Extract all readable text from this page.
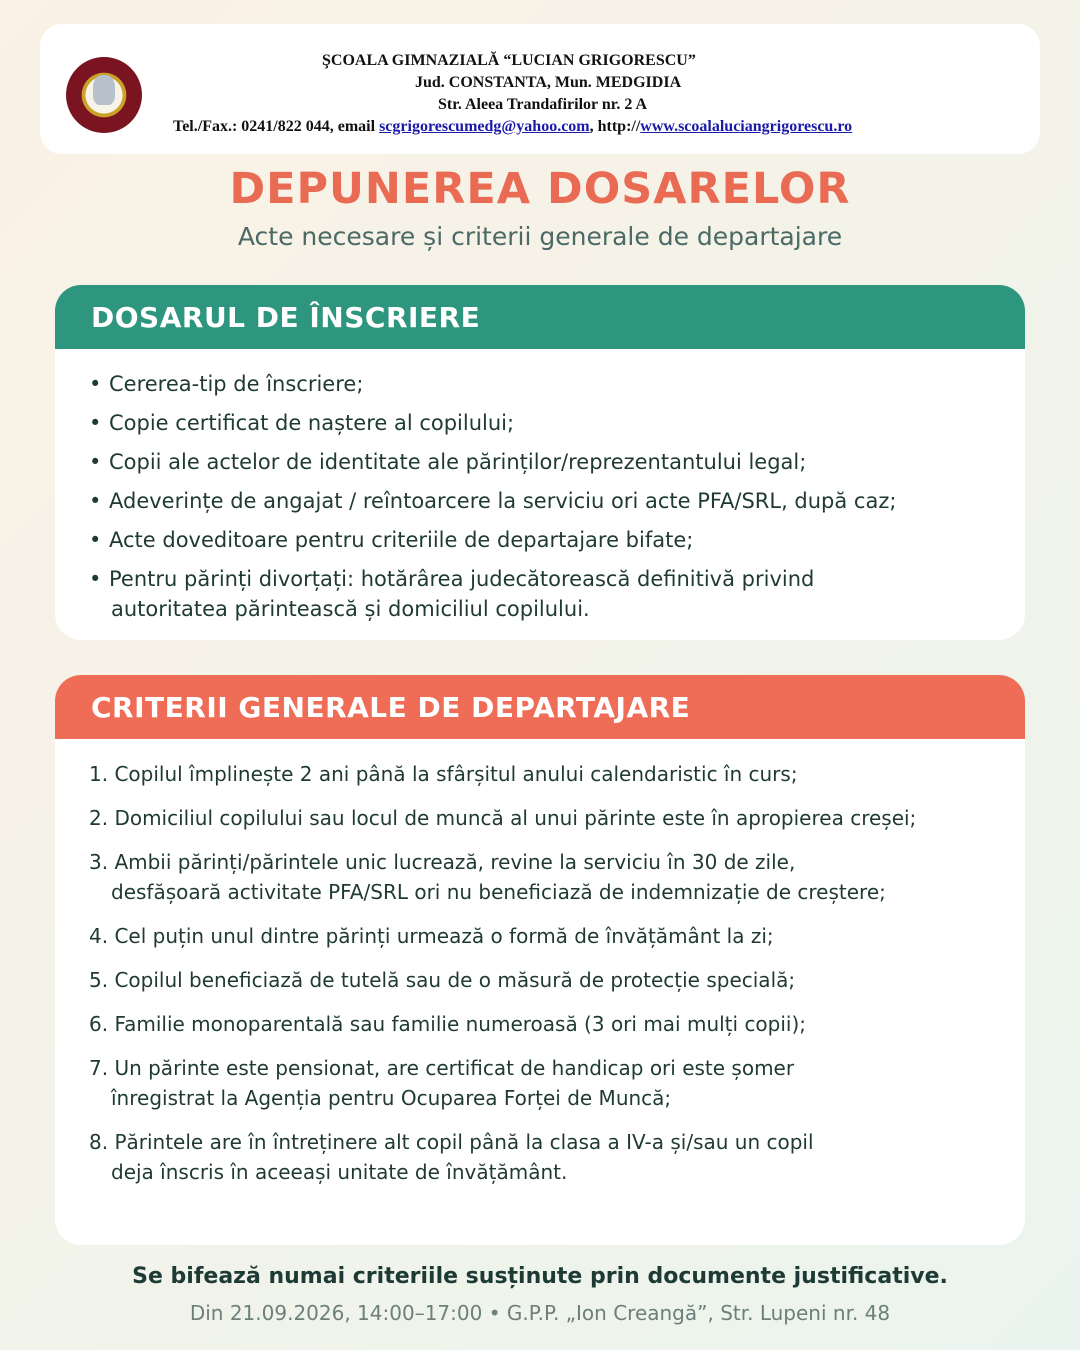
ŞCOALA GIMNAZIALĂ “LUCIAN GRIGORESCU”
Jud. CONSTANTA, Mun. MEDGIDIA
Str. Aleea Trandafirilor nr. 2 A
Tel./Fax.: 0241/822 044, email scgrigorescumedg@yahoo.com, http://www.scoalaluciangrigorescu.ro
DEPUNEREA DOSARELOR
Acte necesare și criterii generale de departajare
DOSARUL DE ÎNSCRIERE
• Cererea-tip de înscriere;
• Copie certificat de naștere al copilului;
• Copii ale actelor de identitate ale părinților/reprezentantului legal;
• Adeverințe de angajat / reîntoarcere la serviciu ori acte PFA/SRL, după caz;
• Acte doveditoare pentru criteriile de departajare bifate;
• Pentru părinți divorțați: hotărârea judecătorească definitivă privind
autoritatea părintească și domiciliul copilului.
CRITERII GENERALE DE DEPARTAJARE
1. Copilul împlinește 2 ani până la sfârșitul anului calendaristic în curs;
2. Domiciliul copilului sau locul de muncă al unui părinte este în apropierea creșei;
3. Ambii părinți/părintele unic lucrează, revine la serviciu în 30 de zile,
desfășoară activitate PFA/SRL ori nu beneficiază de indemnizație de creștere;
4. Cel puțin unul dintre părinți urmează o formă de învățământ la zi;
5. Copilul beneficiază de tutelă sau de o măsură de protecție specială;
6. Familie monoparentală sau familie numeroasă (3 ori mai mulți copii);
7. Un părinte este pensionat, are certificat de handicap ori este șomer
înregistrat la Agenția pentru Ocuparea Forței de Muncă;
8. Părintele are în întreținere alt copil până la clasa a IV-a și/sau un copil
deja înscris în aceeași unitate de învățământ.
Se bifează numai criteriile susținute prin documente justificative.
Din 21.09.2026, 14:00–17:00 • G.P.P. „Ion Creangă”, Str. Lupeni nr. 48
